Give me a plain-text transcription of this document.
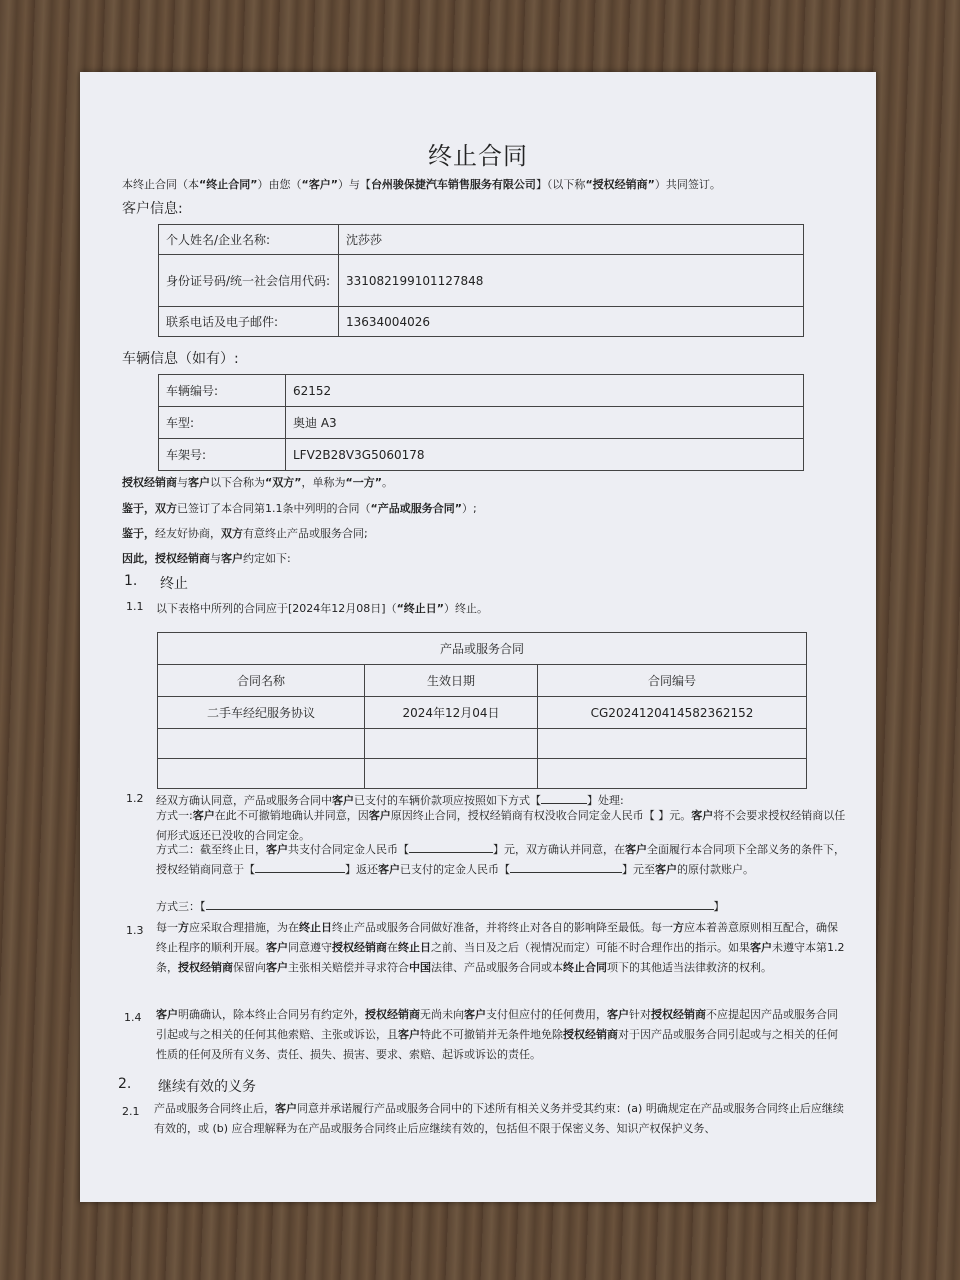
终止合同
本终止合同（本“终止合同”）由您（“客户”）与【台州骏保捷汽车销售服务有限公司】（以下称“授权经销商”）共同签订。
客户信息:
个人姓名/企业名称:	沈莎莎
身份证号码/统一社会信用代码:	331082199101127848
联系电话及电子邮件:	13634004026
车辆信息（如有）:
车辆编号:	62152
车型:	奥迪 A3
车架号:	LFV2B28V3G5060178
授权经销商与客户以下合称为“双方”，单称为“一方”。
鉴于，双方已签订了本合同第1.1条中列明的合同（“产品或服务合同”）;
鉴于，经友好协商，双方有意终止产品或服务合同;
因此，授权经销商与客户约定如下:
1. 终止
1.1 以下表格中所列的合同应于[2024年12月08日]（“终止日”）终止。
产品或服务合同		
合同名称	生效日期	合同编号
二手车经纪服务协议	2024年12月04日	CG2024120414582362152

1.2 经双方确认同意，产品或服务合同中客户已支付的车辆价款项应按照如下方式【	】处理:
方式一:客户在此不可撤销地确认并同意，因客户原因终止合同，授权经销商有权没收合同定金人民币【 】元。客户将不会要求授权经销商以任何形式返还已没收的合同定金。
方式二：截至终止日，客户共支付合同定金人民币【	】元，双方确认并同意，在客户全面履行本合同项下全部义务的条件下，授权经销商同意于【	】返还客户已支付的定金人民币【	】元至客户的原付款账户。
方式三：【	】
1.3 每一方应采取合理措施，为在终止日终止产品或服务合同做好准备，并将终止对各自的影响降至最低。每一方应本着善意原则相互配合，确保终止程序的顺利开展。客户同意遵守授权经销商在终止日之前、当日及之后（视情况而定）可能不时合理作出的指示。如果客户未遵守本第1.2条，授权经销商保留向客户主张相关赔偿并寻求符合中国法律、产品或服务合同或本终止合同项下的其他适当法律救济的权利。
1.4 客户明确确认，除本终止合同另有约定外，授权经销商无尚未向客户支付但应付的任何费用，客户针对授权经销商不应提起因产品或服务合同引起或与之相关的任何其他索赔、主张或诉讼，且客户特此不可撤销并无条件地免除授权经销商对于因产品或服务合同引起或与之相关的任何性质的任何及所有义务、责任、损失、损害、要求、索赔、起诉或诉讼的责任。
2. 继续有效的义务
2.1 产品或服务合同终止后，客户同意并承诺履行产品或服务合同中的下述所有相关义务并受其约束：(a) 明确规定在产品或服务合同终止后应继续有效的，或 (b) 应合理解释为在产品或服务合同终止后应继续有效的，包括但不限于保密义务、知识产权保护义务、
